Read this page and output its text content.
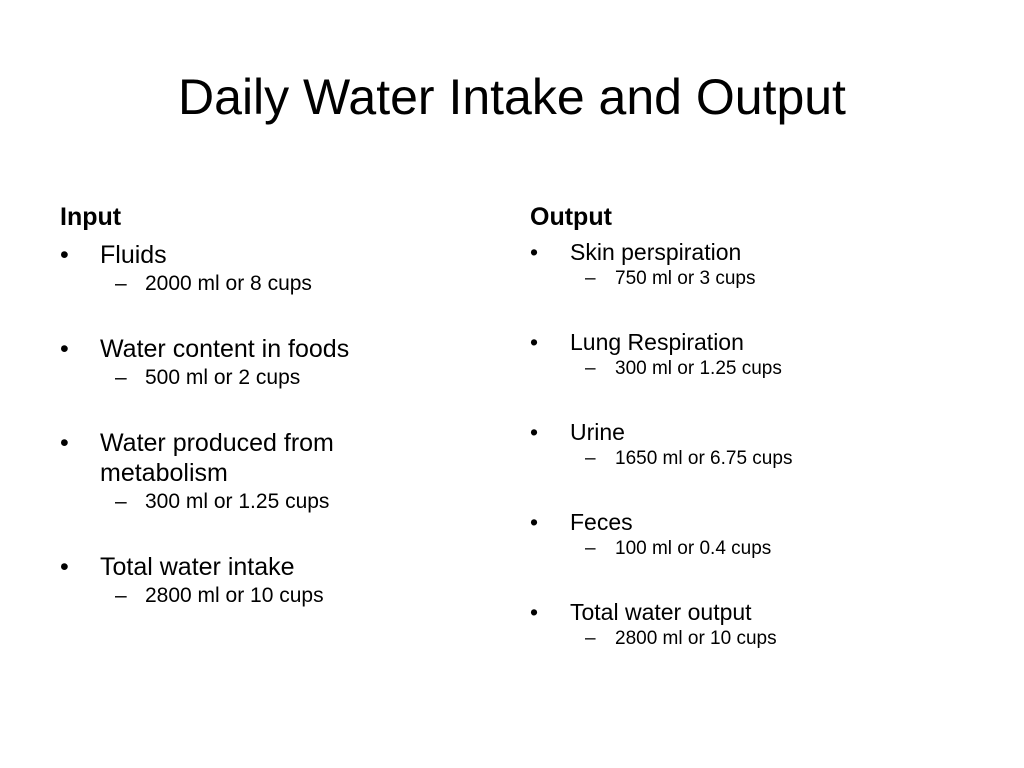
Daily Water Intake and Output
Input
•	Fluids
– 2000 ml or 8 cups
•	Water content in foods
– 500 ml or 2 cups
•	Water produced from metabolism
– 300 ml or 1.25 cups
•	Total water intake
– 2800 ml or 10 cups
Output
•	Skin perspiration
– 750 ml or 3 cups
•	Lung Respiration
– 300 ml or 1.25 cups
•	Urine
– 1650 ml or 6.75 cups
•	Feces
– 100 ml or 0.4 cups
•	Total water output
– 2800 ml or 10 cups
